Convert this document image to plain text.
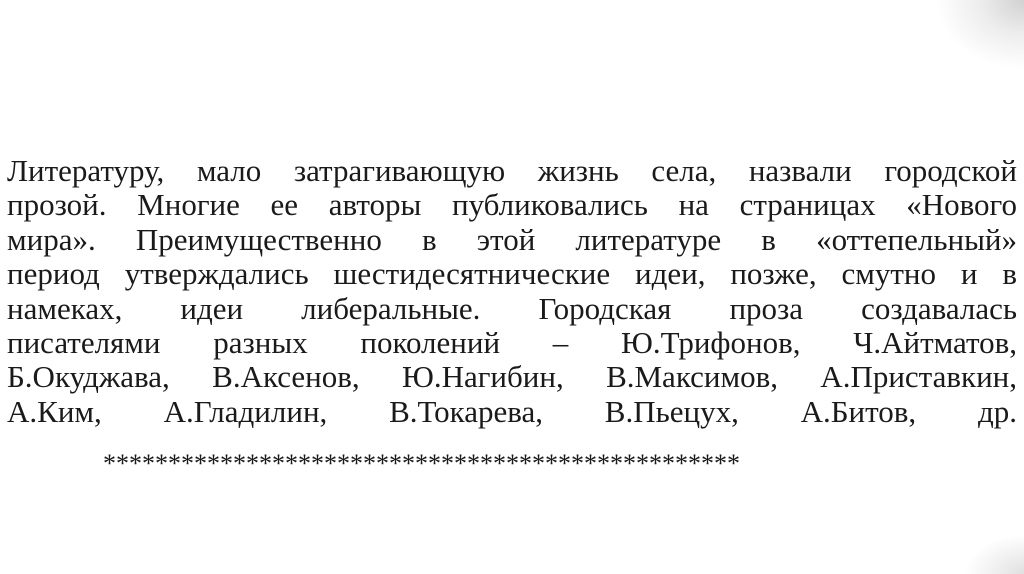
Литературу, мало затрагивающую жизнь села, назвали городской
прозой. Многие ее авторы публиковались на страницах «Нового
мира». Преимущественно в этой литературе в «оттепельный»
период утверждались шестидесятнические идеи, позже, смутно и в
намеках, идеи либеральные. Городская проза создавалась
писателями разных поколений – Ю.Трифонов, Ч.Айтматов,
Б.Окуджава, В.Аксенов, Ю.Нагибин, В.Максимов, А.Приставкин,
А.Ким, А.Гладилин, В.Токарева, В.Пьецух, А.Битов, др.
*************************************************
